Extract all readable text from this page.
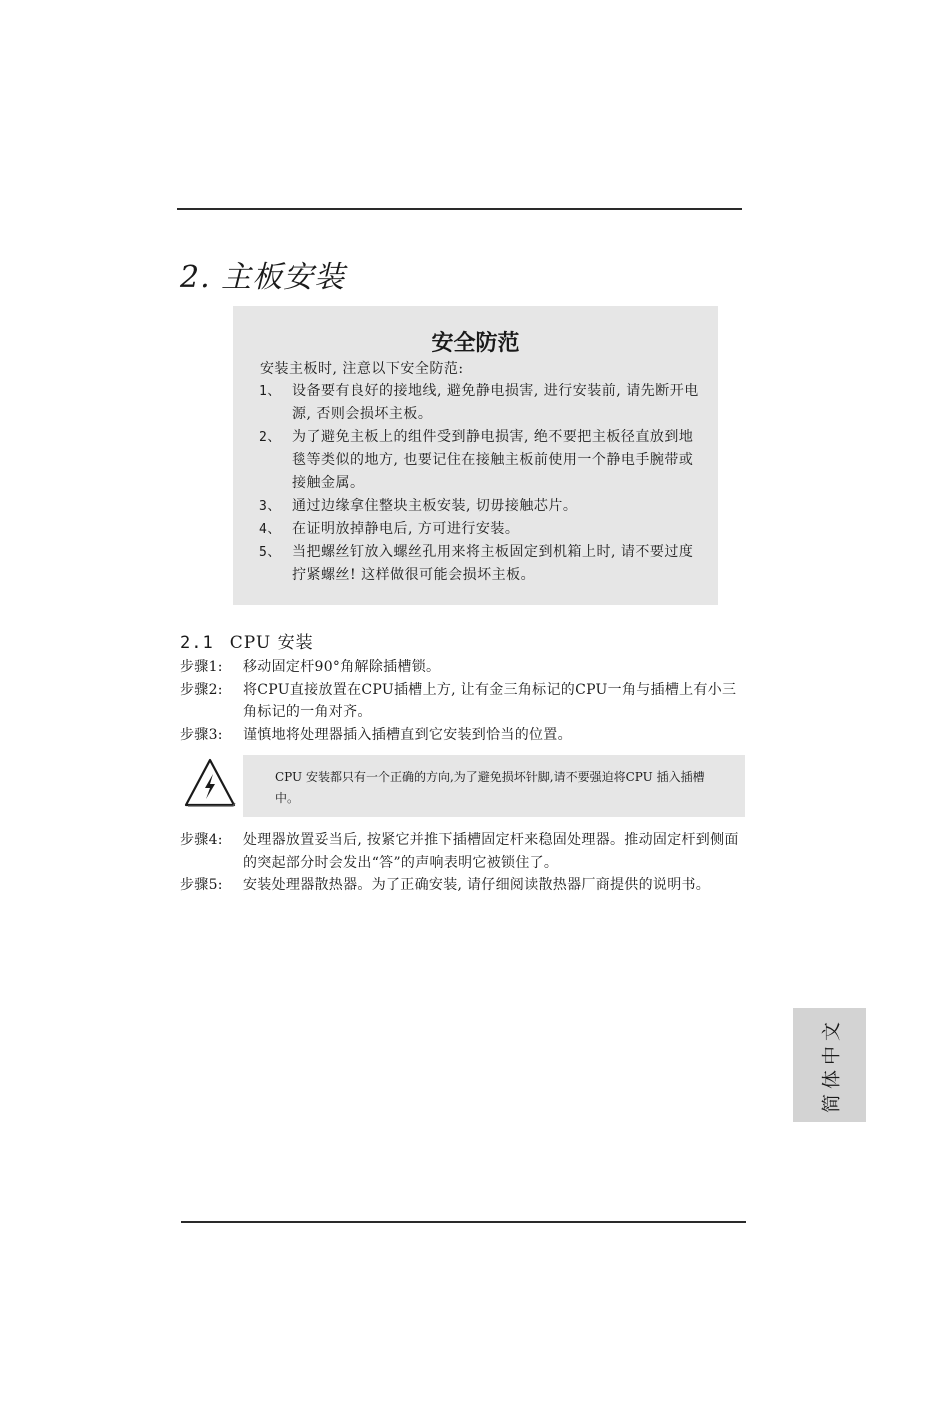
2. 主板安装
安全防范

安装主板时, 注意以下安全防范:

1、 设备要有良好的接地线, 避免静电损害, 进行安装前, 请先断开电源, 否则会损坏主板。
2、 为了避免主板上的组件受到静电损害, 绝不要把主板径直放到地毯等类似的地方, 也要记住在接触主板前使用一个静电手腕带或接触金属。
3、 通过边缘拿住整块主板安装, 切毋接触芯片。
4、 在证明放掉静电后, 方可进行安装。
5、 当把螺丝钉放入螺丝孔用来将主板固定到机箱上时, 请不要过度拧紧螺丝! 这样做很可能会损坏主板。
2.1 CPU 安装
步骤1:	移动固定杆90°角解除插槽锁。
步骤2:	将CPU直接放置在CPU插槽上方, 让有金三角标记的CPU一角与插槽上有小三角标记的一角对齐。
步骤3:	谨慎地将处理器插入插槽直到它安装到恰当的位置。

CPU 安装都只有一个正确的方向,为了避免损坏针脚,请不要强迫将CPU 插入插槽中。

步骤4:	处理器放置妥当后, 按紧它并推下插槽固定杆来稳固处理器。推动固定杆到侧面的突起部分时会发出“答”的声响表明它被锁住了。
步骤5:	安装处理器散热器。为了正确安装, 请仔细阅读散热器厂商提供的说明书。
简体中文
